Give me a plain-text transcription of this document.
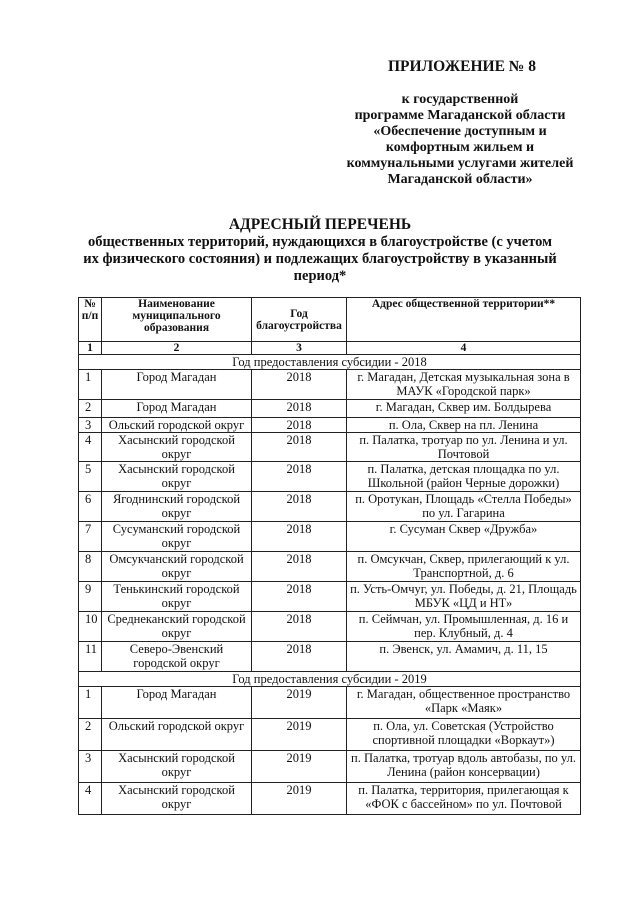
ПРИЛОЖЕНИЕ № 8
к государственной
программе Магаданской области
«Обеспечение доступным и
комфортным жильем и
коммунальными услугами жителей
Магаданской области»
АДРЕСНЫЙ ПЕРЕЧЕНЬ
общественных территорий, нуждающихся в благоустройстве (с учетом
их физического состояния) и подлежащих благоустройству в указанный
период*
№ п/п	Наименование муниципального образования	Год благоустройства	Адрес общественной территории**
1	2	3	4
Год предоставления субсидии - 2018			
1	Город Магадан	2018	г. Магадан, Детская музыкальная зона в МАУК «Городской парк»
2	Город Магадан	2018	г. Магадан, Сквер им. Болдырева
3	Ольский городской округ	2018	п. Ола, Сквер на пл. Ленина
4	Хасынский городской округ	2018	п. Палатка, тротуар по ул. Ленина и ул. Почтовой
5	Хасынский городской округ	2018	п. Палатка, детская площадка по ул. Школьной (район Черные дорожки)
6	Ягоднинский городской округ	2018	п. Оротукан, Площадь «Стелла Победы» по ул. Гагарина
7	Сусуманский городской округ	2018	г. Сусуман Сквер «Дружба»
8	Омсукчанский городской округ	2018	п. Омсукчан, Сквер, прилегающий к ул. Транспортной, д. 6
9	Тенькинский городской округ	2018	п. Усть-Омчуг, ул. Победы, д. 21, Площадь МБУК «ЦД и НТ»
10	Среднеканский городской округ	2018	п. Сеймчан, ул. Промышленная, д. 16 и пер. Клубный, д. 4
11	Северо-Эвенский городской округ	2018	п. Эвенск, ул. Амамич, д. 11, 15
Год предоставления субсидии - 2019			
1	Город Магадан	2019	г. Магадан, общественное пространство «Парк «Маяк»
2	Ольский городской округ	2019	п. Ола, ул. Советская (Устройство спортивной площадки «Воркаут»)
3	Хасынский городской округ	2019	п. Палатка, тротуар вдоль автобазы, по ул. Ленина (район консервации)
4	Хасынский городской округ	2019	п. Палатка, территория, прилегающая к «ФОК с бассейном» по ул. Почтовой
